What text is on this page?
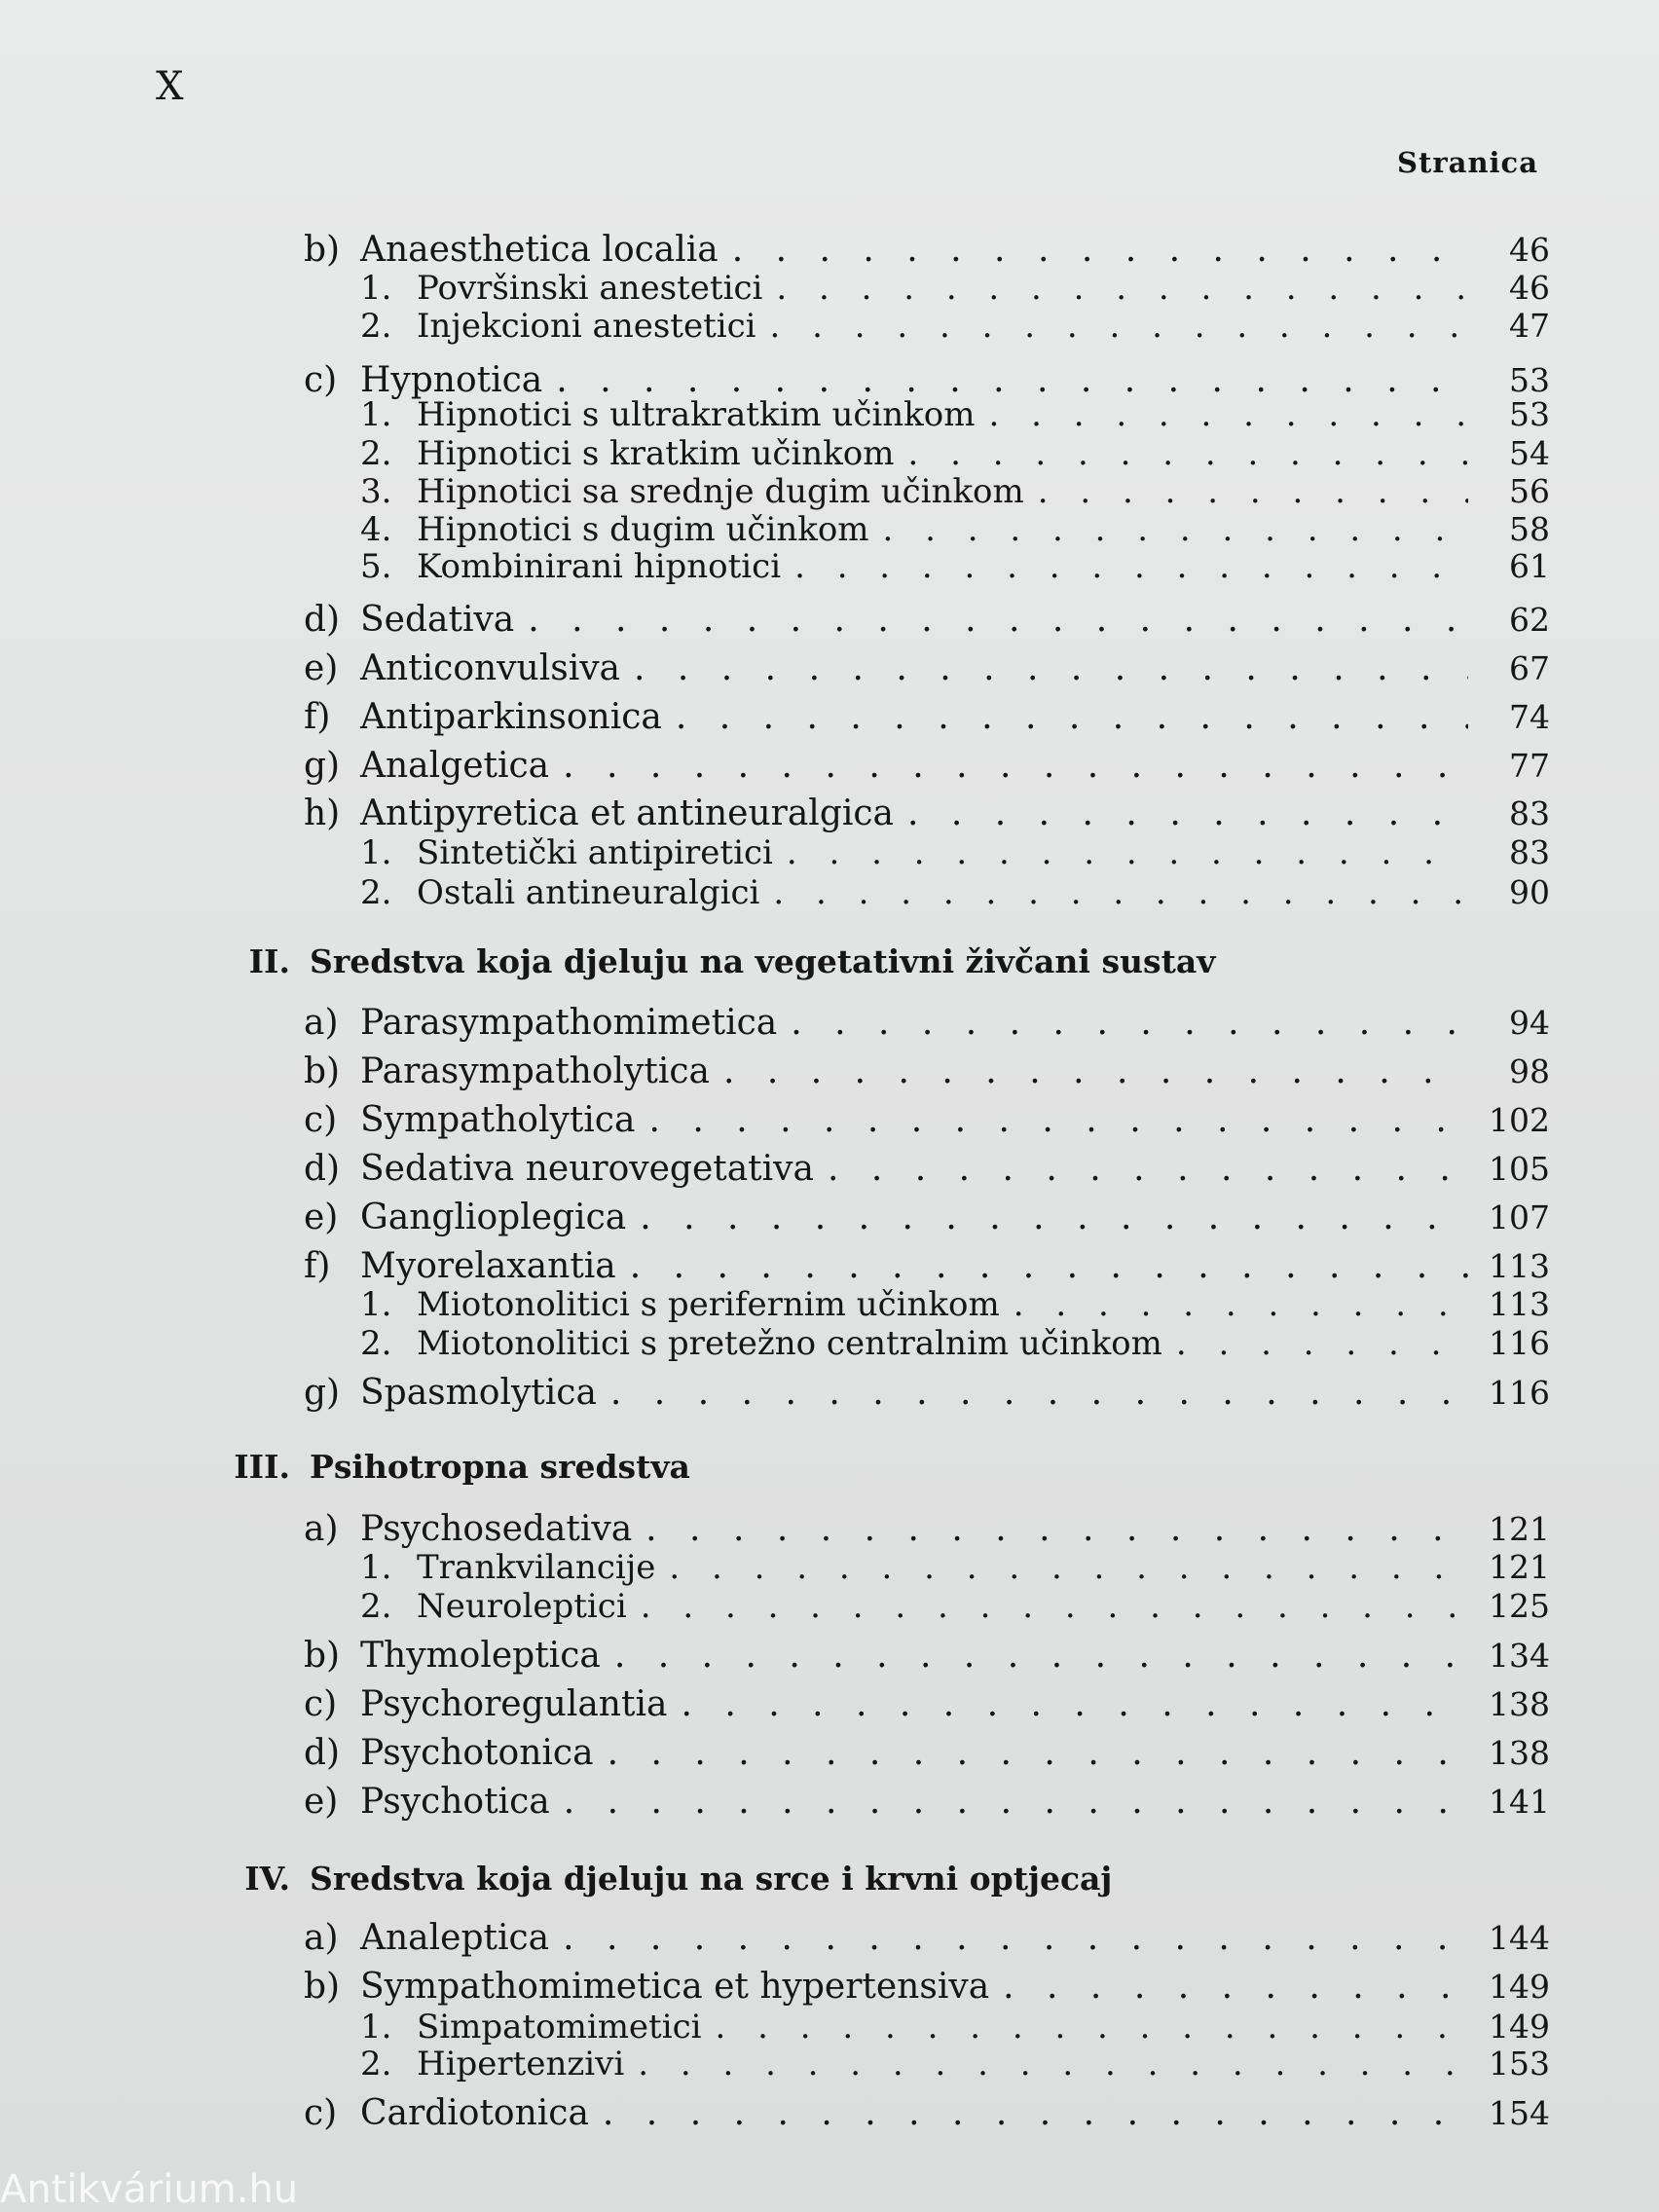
X
Stranica
b) Anaesthetica localia . . .	46
1. Površinski anestetici . . .	46
2. Injekcioni anestetici . . .	47
c) Hypnotica . . .	53
1. Hipnotici s ultrakratkim učinkom . . .	53
2. Hipnotici s kratkim učinkom . . .	54
3. Hipnotici sa srednje dugim učinkom . . .	56
4. Hipnotici s dugim učinkom . . .	58
5. Kombinirani hipnotici . . .	61
d) Sedativa . . .	62
e) Anticonvulsiva . . .	67
f) Antiparkinsonica . . .	74
g) Analgetica . . .	77
h) Antipyretica et antineuralgica . . .	83
1. Sintetički antipiretici . . .	83
2. Ostali antineuralgici . . .	90
II. Sredstva koja djeluju na vegetativni živčani sustav
a) Parasympathomimetica . . .	94
b) Parasympatholytica . . .	98
c) Sympatholytica . . .	102
d) Sedativa neurovegetativa . . .	105
e) Ganglioplegica . . .	107
f) Myorelaxantia . . .	113
1. Miotonolitici s perifernim učinkom . . .	113
2. Miotonolitici s pretežno centralnim učinkom . . .	116
g) Spasmolytica . . .	116
III. Psihotropna sredstva
a) Psychosedativa . . .	121
1. Trankvilancije . . .	121
2. Neuroleptici . . .	125
b) Thymoleptica . . .	134
c) Psychoregulantia . . .	138
d) Psychotonica . . .	138
e) Psychotica . . .	141
IV. Sredstva koja djeluju na srce i krvni optjecaj
a) Analeptica . . .	144
b) Sympathomimetica et hypertensiva . . .	149
1. Simpatomimetici . . .	149
2. Hipertenzivi . . .	153
c) Cardiotonica . . .	154
Antikvárium.hu
